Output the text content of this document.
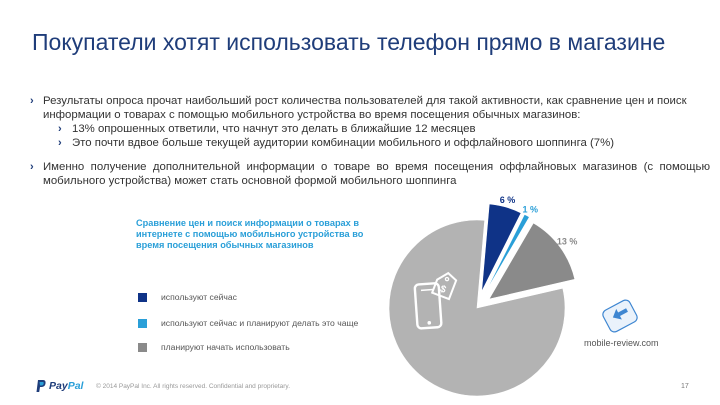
Покупатели хотят использовать телефон прямо в магазине
› Результаты опроса прочат наибольший рост количества пользователей для такой активности, как сравнение цен и поиск информации о товарах с помощью мобильного устройства во время посещения обычных магазинов:
› 13% опрошенных ответили, что начнут это делать в ближайшие 12 месяцев
› Это почти вдвое больше текущей аудитории комбинации мобильного и оффлайнового шоппинга (7%)
› Именно получение дополнительной информации о товаре во время посещения оффлайновых магазинов (с помощью мобильного устройства) может стать основной формой мобильного шоппинга
Сравнение цен и поиск информации о товарах в интернете с помощью мобильного устройства во время посещения обычных магазинов
используют сейчас
используют сейчас и планируют делать это чаще
планируют начать использовать
6 %
1 %
13 %
$
mobile-review.com
Pay Pal © 2014 PayPal Inc. All rights reserved. Confidential and proprietary.	17
